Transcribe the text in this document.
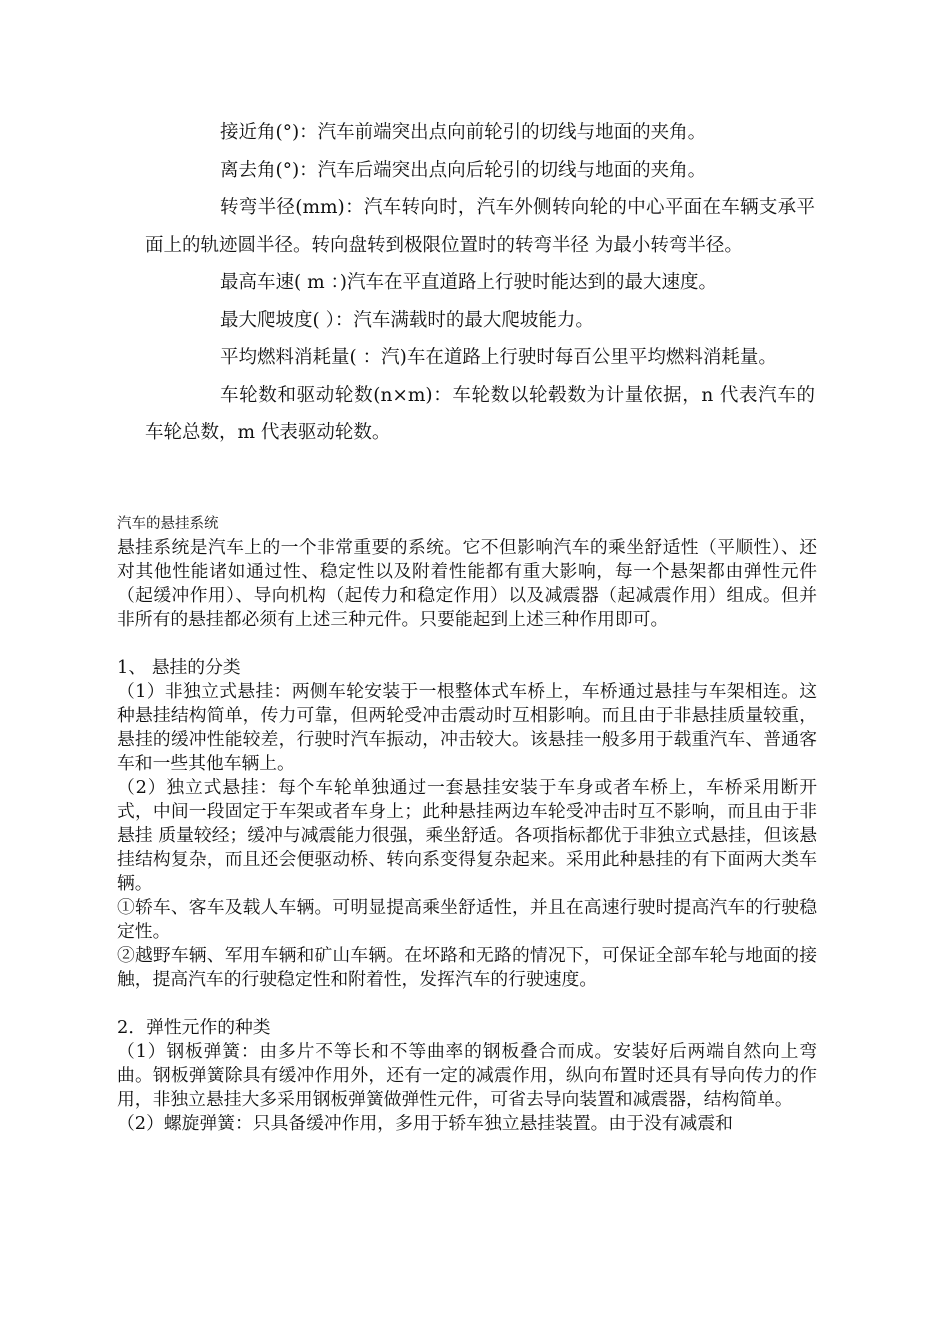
接近角(°)：汽车前端突出点向前轮引的切线与地面的夹角。

离去角(°)：汽车后端突出点向后轮引的切线与地面的夹角。

转弯半径(mm)：汽车转向时，汽车外侧转向轮的中心平面在车辆支承平面上的轨迹圆半径。转向盘转到极限位置时的转弯半径 为最小转弯半径。

最高车速( m ：)汽车在平直道路上行驶时能达到的最大速度。

最大爬坡度( ）：汽车满载时的最大爬坡能力。

平均燃料消耗量( ：汽)车在道路上行驶时每百公里平均燃料消耗量。

车轮数和驱动轮数(n×m)：车轮数以轮毂数为计量依据，n 代表汽车的车轮总数，m 代表驱动轮数。

汽车的悬挂系统

悬挂系统是汽车上的一个非常重要的系统。它不但影响汽车的乘坐舒适性（平顺性）、还对其他性能诸如通过性、稳定性以及附着性能都有重大影响，每一个悬架都由弹性元件（起缓冲作用）、导向机构（起传力和稳定作用）以及减震器（起减震作用）组成。但并非所有的悬挂都必须有上述三种元件。只要能起到上述三种作用即可。

1、 悬挂的分类

（1）非独立式悬挂：两侧车轮安装于一根整体式车桥上，车桥通过悬挂与车架相连。这种悬挂结构简单，传力可靠，但两轮受冲击震动时互相影响。而且由于非悬挂质量较重，悬挂的缓冲性能较差，行驶时汽车振动，冲击较大。该悬挂一般多用于载重汽车、普通客车和一些其他车辆上。

（2）独立式悬挂：每个车轮单独通过一套悬挂安装于车身或者车桥上，车桥采用断开式，中间一段固定于车架或者车身上；此种悬挂两边车轮受冲击时互不影响，而且由于非悬挂 质量较经；缓冲与减震能力很强，乘坐舒适。各项指标都优于非独立式悬挂，但该悬挂结构复杂，而且还会便驱动桥、转向系变得复杂起来。采用此种悬挂的有下面两大类车辆。

①轿车、客车及载人车辆。可明显提高乘坐舒适性，并且在高速行驶时提高汽车的行驶稳定性。

②越野车辆、军用车辆和矿山车辆。在坏路和无路的情况下，可保证全部车轮与地面的接触，提高汽车的行驶稳定性和附着性，发挥汽车的行驶速度。

2．弹性元作的种类

（1）钢板弹簧：由多片不等长和不等曲率的钢板叠合而成。安装好后两端自然向上弯曲。钢板弹簧除具有缓冲作用外，还有一定的减震作用，纵向布置时还具有导向传力的作用，非独立悬挂大多采用钢板弹簧做弹性元件，可省去导向装置和减震器，结构简单。

（2）螺旋弹簧：只具备缓冲作用，多用于轿车独立悬挂装置。由于没有减震和
